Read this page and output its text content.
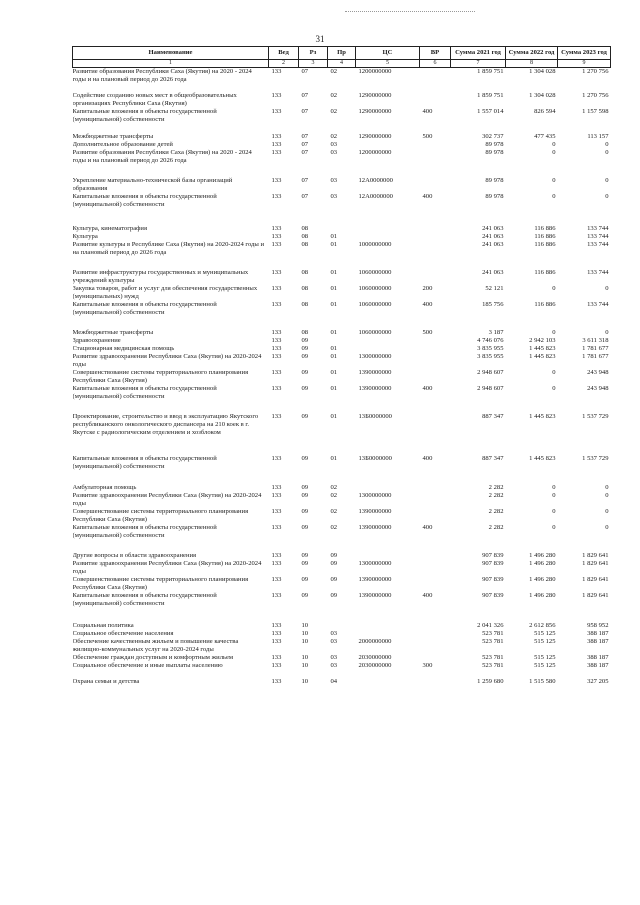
31
Наименование	Вед	Рз	Пр	ЦС	ВР	Сумма 2021 год	Сумма 2022 год	Сумма 2023 год
1	2	3	4	5	6	7	8	9
Развитие образования Республики Саха (Якутия) на 2020 - 2024 годы и на плановый период до 2026 года	133	07	02	1200000000		1 859 751	1 304 028	1 270 756

Содействие созданию новых мест в общеобразовательных организациях Республики Саха (Якутия)	133	07	02	1290000000		1 859 751	1 304 028	1 270 756
Капитальные вложения в объекты государственной (муниципальной) собственности	133	07	02	1290000000	400	1 557 014	826 594	1 157 598

Межбюджетные трансферты	133	07	02	1290000000	500	302 737	477 435	113 157
Дополнительное образование детей	133	07	03			89 978	0	0
Развитие образования Республики Саха (Якутия) на 2020 - 2024 годы и на плановый период до 2026 года	133	07	03	1200000000		89 978	0	0

Укрепление материально-технической базы организаций образования	133	07	03	12А0000000		89 978	0	0
Капитальные вложения в объекты государственной (муниципальной) собственности	133	07	03	12А0000000	400	89 978	0	0

Культура, кинематография	133	08				241 063	116 886	133 744
Культура	133	08	01			241 063	116 886	133 744
Развитие культуры в Республике Саха (Якутия) на 2020-2024 годы и на плановый период до 2026 года	133	08	01	1000000000		241 063	116 886	133 744

Развитие инфраструктуры государственных и муниципальных учреждений культуры	133	08	01	1060000000		241 063	116 886	133 744
Закупка товаров, работ и услуг для обеспечения государственных (муниципальных) нужд	133	08	01	1060000000	200	52 121	0	0
Капитальные вложения в объекты государственной (муниципальной) собственности	133	08	01	1060000000	400	185 756	116 886	133 744

Межбюджетные трансферты	133	08	01	1060000000	500	3 187	0	0
Здравоохранение	133	09				4 746 076	2 942 103	3 611 318
Стационарная медицинская помощь	133	09	01			3 835 955	1 445 823	1 781 677
Развитие здравоохранения Республики Саха (Якутия) на 2020-2024 годы	133	09	01	1300000000		3 835 955	1 445 823	1 781 677
Совершенствование системы территориального планирования Республики Саха (Якутия)	133	09	01	1390000000		2 948 607	0	243 948
Капитальные вложения в объекты государственной (муниципальной) собственности	133	09	01	1390000000	400	2 948 607	0	243 948

Проектирование, строительство и ввод в эксплуатацию Якутского республиканского онкологического диспансера на 210 коек в г. Якутске с радиологическим отделением и хозблоком	133	09	01	13Б0000000		887 347	1 445 823	1 537 729

Капитальные вложения в объекты государственной (муниципальной) собственности	133	09	01	13Б0000000	400	887 347	1 445 823	1 537 729

Амбулаторная помощь	133	09	02			2 282	0	0
Развитие здравоохранения Республики Саха (Якутия) на 2020-2024 годы	133	09	02	1300000000		2 282	0	0
Совершенствование системы территориального планирования Республики Саха (Якутия)	133	09	02	1390000000		2 282	0	0
Капитальные вложения в объекты государственной (муниципальной) собственности	133	09	02	1390000000	400	2 282	0	0

Другие вопросы в области здравоохранения	133	09	09			907 839	1 496 280	1 829 641
Развитие здравоохранения Республики Саха (Якутия) на 2020-2024 годы	133	09	09	1300000000		907 839	1 496 280	1 829 641
Совершенствование системы территориального планирования Республики Саха (Якутия)	133	09	09	1390000000		907 839	1 496 280	1 829 641
Капитальные вложения в объекты государственной (муниципальной) собственности	133	09	09	1390000000	400	907 839	1 496 280	1 829 641

Социальная политика	133	10				2 041 326	2 612 856	958 952
Социальное обеспечение населения	133	10	03			523 781	515 125	388 187
Обеспечение качественным жильем и повышение качества жилищно-коммунальных услуг на 2020-2024 годы	133	10	03	2000000000		523 781	515 125	388 187
Обеспечение граждан доступным и комфортным жильем	133	10	03	2030000000		523 781	515 125	388 187
Социальное обеспечение и иные выплаты населению	133	10	03	2030000000	300	523 781	515 125	388 187

Охрана семьи и детства	133	10	04			1 259 680	1 515 580	327 205
